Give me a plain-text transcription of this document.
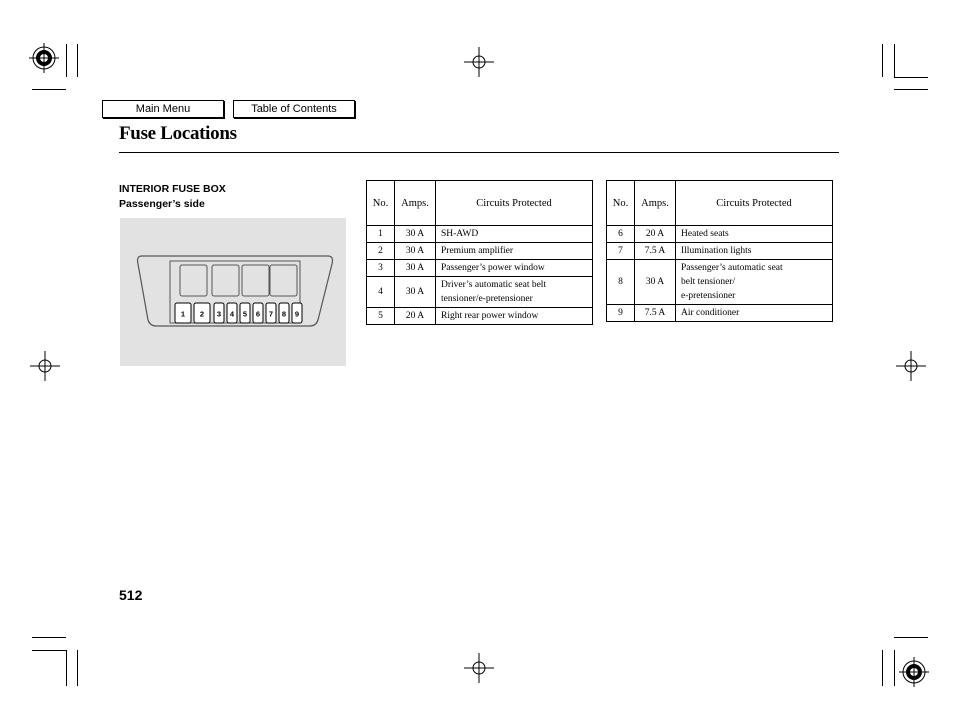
Main Menu	Table of Contents
Fuse Locations
INTERIOR FUSE BOX
Passenger’s side
1 2 3 4 5 6 7 8 9
No.	Amps.	Circuits Protected
1	30 A	SH-AWD
2	30 A	Premium amplifier
3	30 A	Passenger’s power window
4	30 A	Driver’s automatic seat belt
tensioner/e-pretensioner
5	20 A	Right rear power window
No.	Amps.	Circuits Protected
6	20 A	Heated seats
7	7.5 A	Illumination lights
8	30 A	Passenger’s automatic seat
belt tensioner/
e-pretensioner
9	7.5 A	Air conditioner
512
